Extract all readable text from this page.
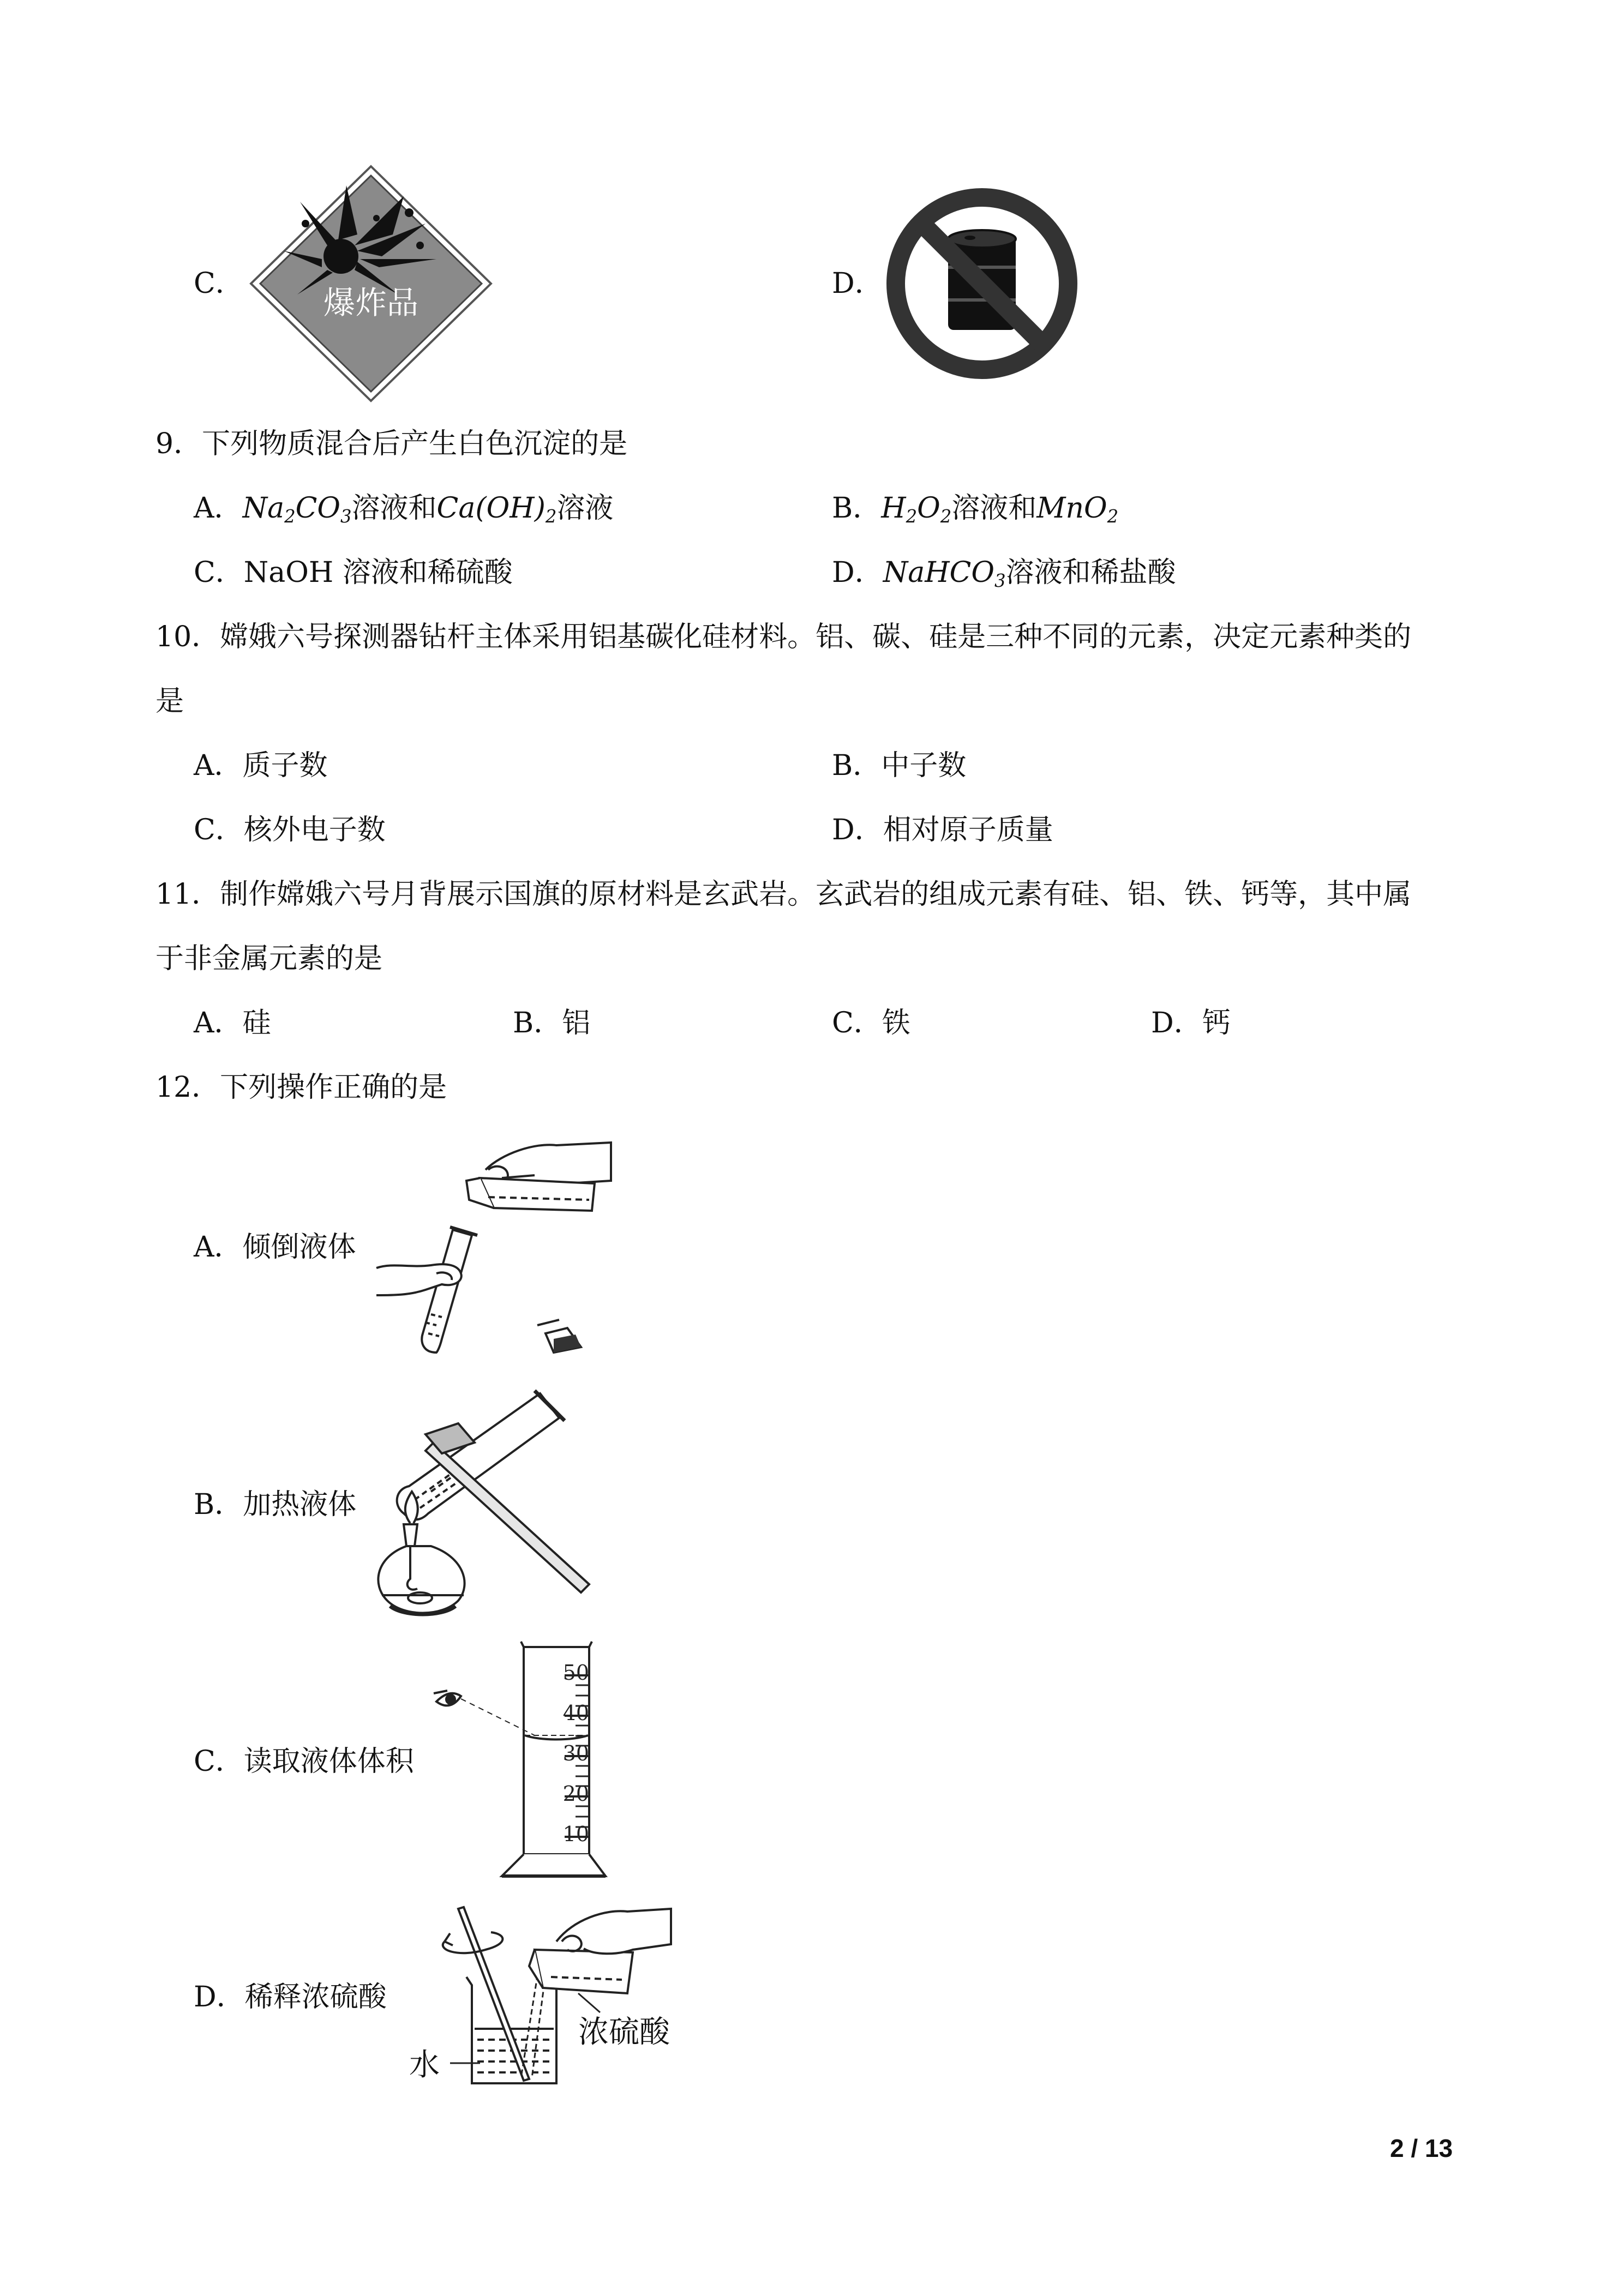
C．
爆炸品
D．
9．下列物质混合后产生白色沉淀的是
A．$Na_2CO_3$溶液和$Ca(OH)_2$溶液	B．$H_2O_2$溶液和MnO$_2$
C．NaOH 溶液和稀硫酸	D．NaHCO$_3$溶液和稀盐酸
10．嫦娥六号探测器钻杆主体采用铝基碳化硅材料。铝、碳、硅是三种不同的元素，决定元素种类的
是
A．质子数	B．中子数
C．核外电子数	D．相对原子质量
11．制作嫦娥六号月背展示国旗的原材料是玄武岩。玄武岩的组成元素有硅、铝、铁、钙等，其中属
于非金属元素的是
A．硅	B．铝	C．铁	D．钙
12．下列操作正确的是
A．倾倒液体
B．加热液体
C．读取液体体积
50
40
30
20
10
D．稀释浓硫酸
浓硫酸
水
2 / 13
